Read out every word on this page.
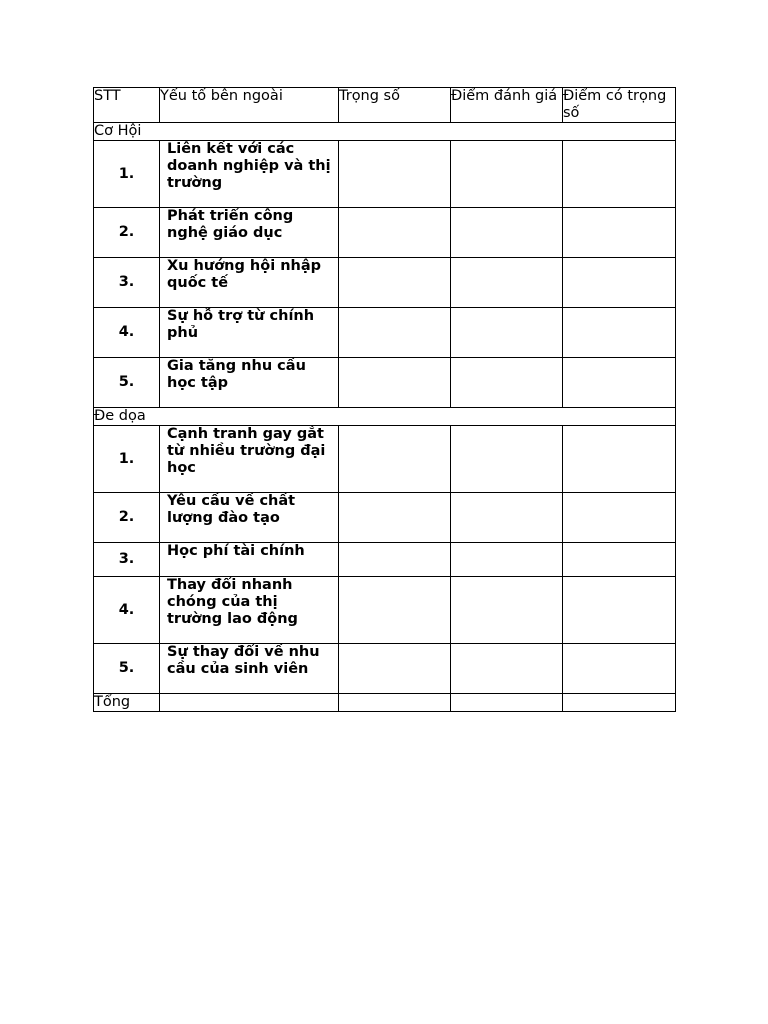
STT	Yếu tố bên ngoài	Trọng số	Điểm đánh giá	Điểm có trọng số
Cơ Hội				
1.	Liên kết với các doanh nghiệp và thị trường			
2.	Phát triển công nghệ giáo dục			
3.	Xu hướng hội nhập quốc tế			
4.	Sự hỗ trợ từ chính phủ			
5.	Gia tăng nhu cầu học tập			
Đe dọa				
1.	Cạnh tranh gay gắt từ nhiều trường đại học			
2.	Yêu cầu về chất lượng đào tạo			
3.	Học phí tài chính			
4.	Thay đổi nhanh chóng của thị trường lao động			
5.	Sự thay đổi về nhu cầu của sinh viên			
Tổng				
